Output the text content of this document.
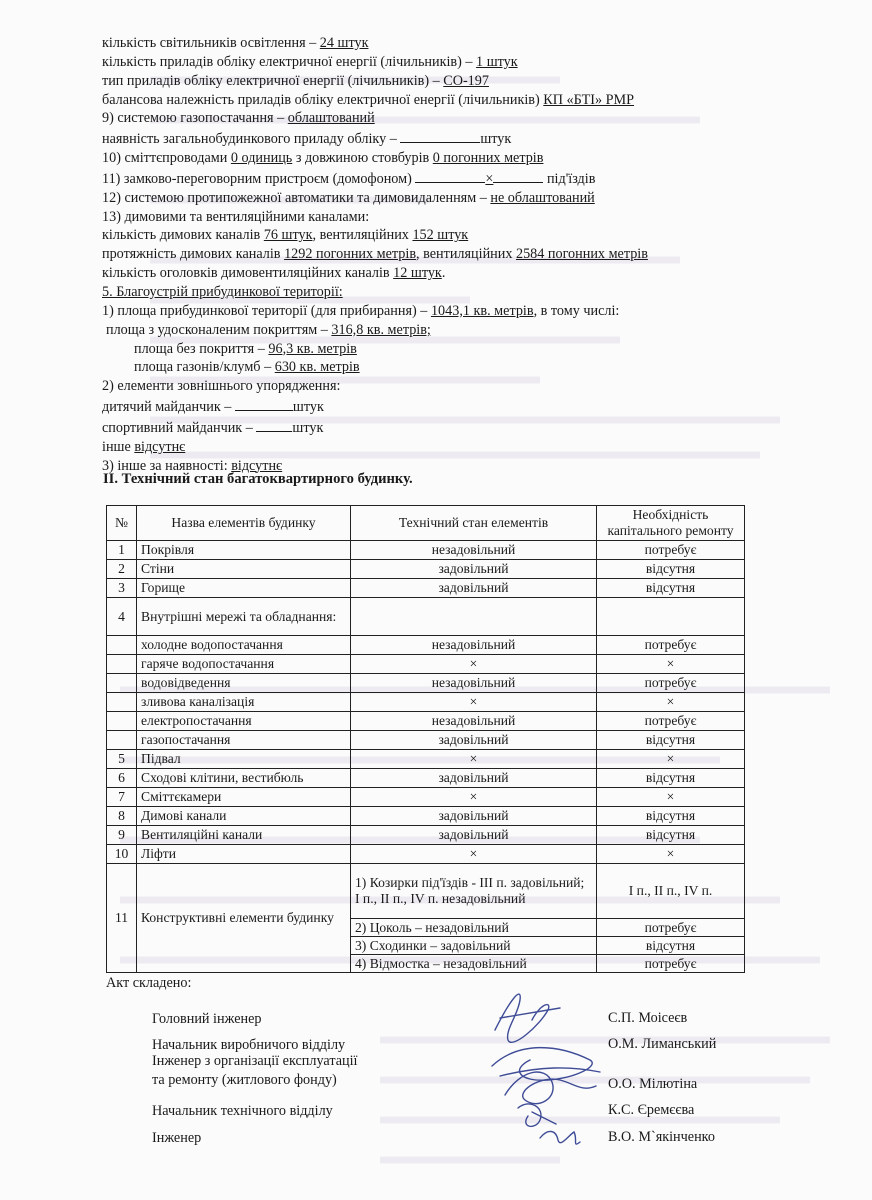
кількість світильників освітлення – 24 штук
кількість приладів обліку електричної енергії (лічильників) – 1 штук
тип приладів обліку електричної енергії (лічильників) – СО-197
балансова належність приладів обліку електричної енергії (лічильників) КП «БТІ» РМР
9) системою газопостачання – облаштований
наявність загальнобудинкового приладу обліку –	штук
10) сміттєпроводами 0 одиниць з довжиною стовбурів 0 погонних метрів
11) замково-переговорним пристроєм (домофоном)	×	під'їздів
12) системою протипожежної автоматики та димовидаленням – не облаштований
13) димовими та вентиляційними каналами:
кількість димових каналів 76 штук, вентиляційних 152 штук
протяжність димових каналів 1292 погонних метрів, вентиляційних 2584 погонних метрів
кількість оголовків димовентиляційних каналів 12 штук.
5. Благоустрій прибудинкової території:
1) площа прибудинкової території (для прибирання) – 1043,1 кв. метрів, в тому числі:
площа з удосконаленим покриттям – 316,8 кв. метрів;
площа без покриття – 96,3 кв. метрів
площа газонів/клумб – 630 кв. метрів
2) елементи зовнішнього упорядження:
дитячий майданчик –	штук
спортивний майданчик –	штук
інше відсутнє
3) інше за наявності: відсутнє
ІІ. Технічний стан багатоквартирного будинку.
№	Назва елементів будинку	Технічний стан елементів	Необхідність капітального ремонту
1	Покрівля	незадовільний	потребує
2	Стіни	задовільний	відсутня
3	Горище	задовільний	відсутня
4	Внутрішні мережі та обладнання:		
	холодне водопостачання	незадовільний	потребує
	гаряче водопостачання	×	×
	водовідведення	незадовільний	потребує
	зливова каналізація	×	×
	електропостачання	незадовільний	потребує
	газопостачання	задовільний	відсутня
5	Підвал	×	×
6	Сходові клітини, вестибюль	задовільний	відсутня
7	Сміттєкамери	×	×
8	Димові канали	задовільний	відсутня
9	Вентиляційні канали	задовільний	відсутня
10	Ліфти	×	×
11	Конструктивні елементи будинку	1) Козирки під'їздів - ІІІ п. задовільний; І п., ІІ п., IV п. незадовільний	І п., ІІ п., IV п.
		2) Цоколь – незадовільний	потребує
		3) Сходинки – задовільний	відсутня
		4) Відмостка – незадовільний	потребує
Акт складено:
Головний інженер	С.П. Моісеєв
Начальник виробничого відділу	О.М. Лиманський
Інженер з організації експлуатації
та ремонту (житлового фонду)	О.О. Мілютіна
Начальник технічного відділу	К.С. Єремєєва
Інженер	В.О. М`якінченко
